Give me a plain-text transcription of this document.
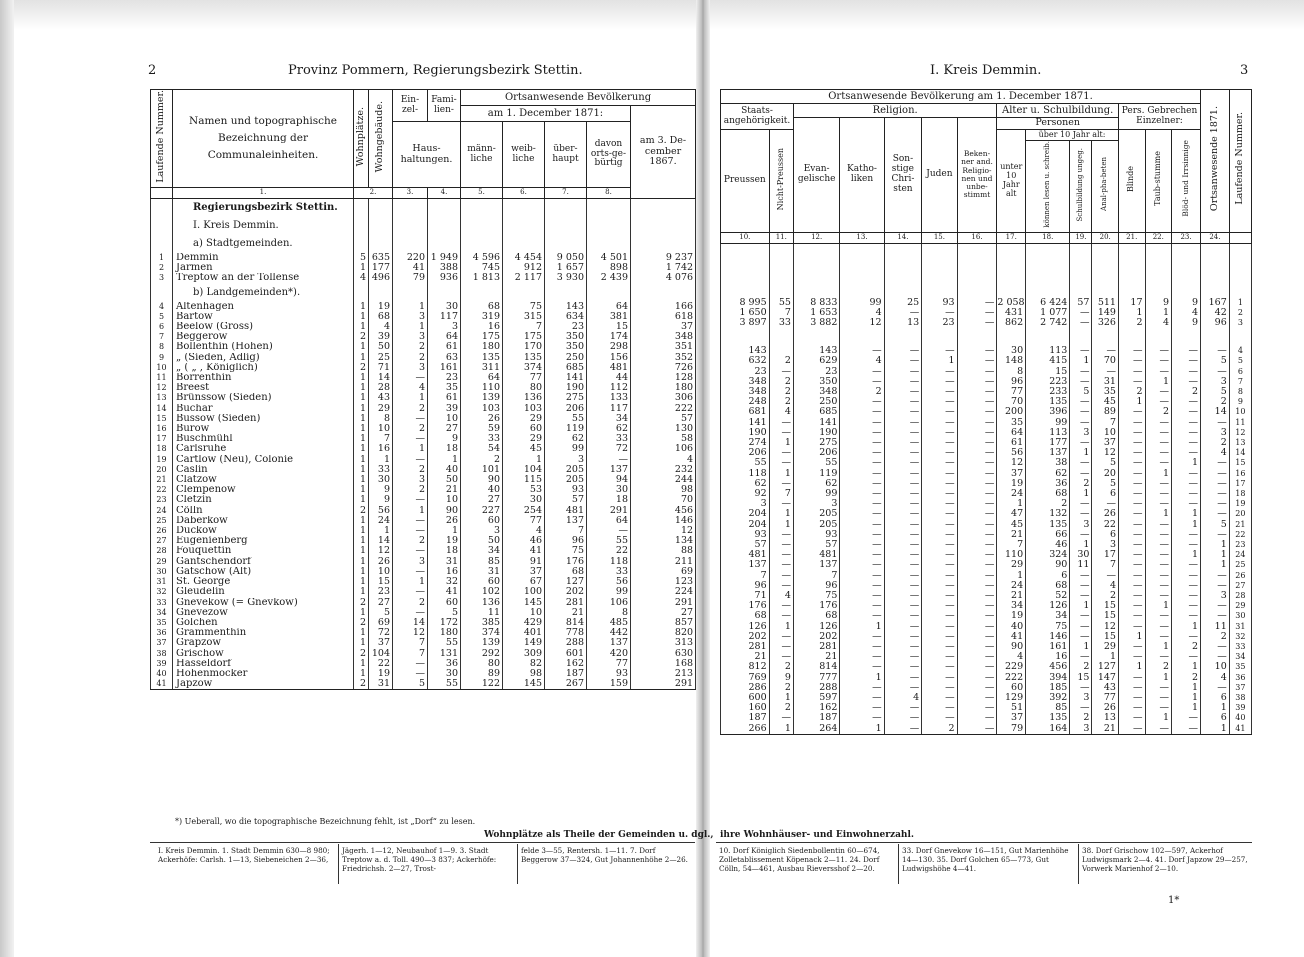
2	Provinz Pommern, Regierungsbezirk Stettin.	I. Kreis Demmin.	3
Laufende Nummer.	Namen und topographische Bezeichnung der Communaleinheiten.	Wohnplätze.	Wohngebäude.	Ein-zel-	Fami-lien-	Ortsanwesende Bevölkerung					
						am 1. December 1871:				am 3. De-cember 1867.	
				Haus-haltungen.		männ-liche	weib-liche	über-haupt	davon orts-ge-bürtig		
	1.	2.		3.	4.	5.	6.	7.	8.	
	Regierungsbezirk Stettin.										
	I. Kreis Demmin.										
	a) Stadtgemeinden.										
1	Demmin	5	635	220	1 949	4 596	4 454	9 050	4 501	9 237	
2	Jarmen	1	177	41	388	745	912	1 657	898	1 742	
3	Treptow an der Tollense	4	496	79	936	1 813	2 117	3 930	2 439	4 076	
	b) Landgemeinden*).										
4	Altenhagen	1	19	1	30	68	75	143	64	166	
5	Bartow	1	68	3	117	319	315	634	381	618	
6	Beelow (Gross)	1	4	1	3	16	7	23	15	37	
7	Beggerow	2	39	3	64	175	175	350	174	348	
8	Bollenthin (Hohen)	1	50	2	61	180	170	350	298	351	
9	„ (Sieden, Adlig)	1	25	2	63	135	135	250	156	352	
10	„ ( „ , Königlich)	2	71	3	161	311	374	685	481	726	
11	Borrenthin	1	14	—	23	64	77	141	44	128	
12	Breest	1	28	4	35	110	80	190	112	180	
13	Brünssow (Sieden)	1	43	1	61	139	136	275	133	306	
14	Buchar	1	29	2	39	103	103	206	117	222	
15	Bussow (Sieden)	1	8	—	10	26	29	55	34	57	
16	Burow	1	10	2	27	59	60	119	62	130	
17	Buschmühl	1	7	—	9	33	29	62	33	58	
18	Carlsruhe	1	16	1	18	54	45	99	72	106	
19	Cartlow (Neu), Colonie	1	1	—	1	2	1	3	—	4	
20	Caslin	1	33	2	40	101	104	205	137	232	
21	Clatzow	1	30	3	50	90	115	205	94	244	
22	Clempenow	1	9	2	21	40	53	93	30	98	
23	Cletzin	1	9	—	10	27	30	57	18	70	
24	Cölln	2	56	1	90	227	254	481	291	456	
25	Daberkow	1	24	—	26	60	77	137	64	146	
26	Duckow	1	1	—	1	3	4	7	—	12	
27	Eugenienberg	1	14	2	19	50	46	96	55	134	
28	Fouquettin	1	12	—	18	34	41	75	22	88	
29	Gantschendorf	1	26	3	31	85	91	176	118	211	
30	Gatschow (Alt)	1	10	—	16	31	37	68	33	69	
31	St. George	1	15	1	32	60	67	127	56	123	
32	Gleudelin	1	23	—	41	102	100	202	99	224	
33	Gnevekow (= Gnevkow)	2	27	2	60	136	145	281	106	291	
34	Gnevezow	1	5	—	5	11	10	21	8	27	
35	Golchen	2	69	14	172	385	429	814	485	857	
36	Grammenthin	1	72	12	180	374	401	778	442	820	
37	Grapzow	1	37	7	55	139	149	288	137	313	
38	Grischow	2	104	7	131	292	309	601	420	630	
39	Hasseldorf	1	22	—	36	80	82	162	77	168	
40	Hohenmocker	1	19	—	30	89	98	187	93	213	
41	Japzow	2	31	5	55	122	145	267	159	291	
Ortsanwesende Bevölkerung am 1. December 1871.														Ortsanwesende 1871.	Laufende Nummer.
Staats-angehörigkeit.		Religion.					Alter u. Schulbildung.				Pers. Gebrechen Einzelner:				
		Evan-gelische	Katho-liken	Son-stige Chri-sten	Juden	Beken-ner and. Religio-nen und unbe-stimmt	Personen								
Preussen	Nicht-Preussen						unter 10 Jahr alt	über 10 Jahr alt:			Blinde	Taub-stumme	Blöd- und Irrsinnige		
								können lesen u. schreib.	Schulbildung ungeg.	Anal-pha-beten					
10.	11.	12.	13.	14.	15.	16.	17.	18.	19.	20.	21.	22.	23.	24.	

8 995	55	8 833	99	25	93	—	2 058	6 424	57	511	17	9	9	167	1
1 650	7	1 653	4	—	—	—	431	1 077	—	149	1	1	4	42	2
3 897	33	3 882	12	13	23	—	862	2 742	—	326	2	4	9	96	3

143		143	—	—	—	—	30	113	—	—	—	—	—	—	4
632	2	629	4	—	1	—	148	415	1	70	—	—	—	5	5
23	—	23	—	—	—	—	8	15	—	—	—	—	—	—	6
348	2	350	—	—	—	—	96	223	—	31	—	1	—	3	7
348	2	348	2	—	—	—	77	233	5	35	2	—	2	5	8
248	2	250	—	—	—	—	70	135	—	45	1	—	—	2	9
681	4	685	—	—	—	—	200	396	—	89	—	2	—	14	10
141	—	141	—	—	—	—	35	99	—	7	—	—	—	—	11
190	—	190	—	—	—	—	64	113	3	10	—	—	—	3	12
274	1	275	—	—	—	—	61	177	—	37	—	—	—	2	13
206	—	206	—	—	—	—	56	137	1	12	—	—	—	4	14
55	—	55	—	—	—	—	12	38	—	5	—	—	1	—	15
118	1	119	—	—	—	—	37	62	—	20	—	1	—	—	16
62	—	62	—	—	—	—	19	36	2	5	—	—	—	—	17
92	7	99	—	—	—	—	24	68	1	6	—	—	—	—	18
3	—	3	—	—	—	—	1	2	—	—	—	—	—	—	19
204	1	205	—	—	—	—	47	132	—	26	—	1	1	—	20
204	1	205	—	—	—	—	45	135	3	22	—	—	1	5	21
93	—	93	—	—	—	—	21	66	—	6	—	—	—	—	22
57	—	57	—	—	—	—	7	46	1	3	—	—	—	1	23
481	—	481	—	—	—	—	110	324	30	17	—	—	1	1	24
137	—	137	—	—	—	—	29	90	11	7	—	—	—	1	25
7	—	7	—	—	—	—	1	6	—	—	—	—	—	—	26
96	—	96	—	—	—	—	24	68	—	4	—	—	—	—	27
71	4	75	—	—	—	—	21	52	—	2	—	—	—	3	28
176	—	176	—	—	—	—	34	126	1	15	—	1	—	—	29
68	—	68	—	—	—	—	19	34	—	15	—	—	—	—	30
126	1	126	1	—	—	—	40	75	—	12	—	—	1	11	31
202	—	202	—	—	—	—	41	146	—	15	1	—	—	2	32
281	—	281	—	—	—	—	90	161	1	29	—	1	2	—	33
21	—	21	—	—	—	—	4	16	—	1	—	—	—	—	34
812	2	814	—	—	—	—	229	456	2	127	1	2	1	10	35
769	9	777	1	—	—	—	222	394	15	147	—	1	2	4	36
286	2	288	—	—	—	—	60	185	—	43	—	—	1	—	37
600	1	597	—	4	—	—	129	392	3	77	—	—	1	6	38
160	2	162	—	—	—	—	51	85	—	26	—	—	1	1	39
187	—	187	—	—	—	—	37	135	2	13	—	1	—	6	40
266	1	264	1	—	2	—	79	164	3	21	—	—	—	1	41
*) Ueberall, wo die topographische Bezeichnung fehlt, ist „Dorf“ zu lesen.
Wohnplätze als Theile der Gemeinden u. dgl., ihre Wohnhäuser- und Einwohnerzahl.
I. Kreis Demmin. 1. Stadt Demmin 630—8 980; Ackerhöfe: Carlsh. 1—13, Siebeneichen 2—36,
Jägerh. 1—12, Neubauhof 1—9. 3. Stadt Treptow a. d. Toll. 490—3 837; Ackerhöfe: Friedrichsh. 2—27, Trost-
felde 3—55, Rentersh. 1—11. 7. Dorf Beggerow 37—324, Gut Johannenhöhe 2—26.
10. Dorf Königlich Siedenbollentin 60—674, Zolletablissement Köpenack 2—11. 24. Dorf Cölln, 54—461, Ausbau Rieversshof 2—20.
33. Dorf Gnevekow 16—151, Gut Marienhöhe 14—130. 35. Dorf Golchen 65—773, Gut Ludwigshöhe 4—41.
38. Dorf Grischow 102—597, Ackerhof Ludwigsmark 2—4. 41. Dorf Japzow 29—257, Vorwerk Marienhof 2—10.
1*
